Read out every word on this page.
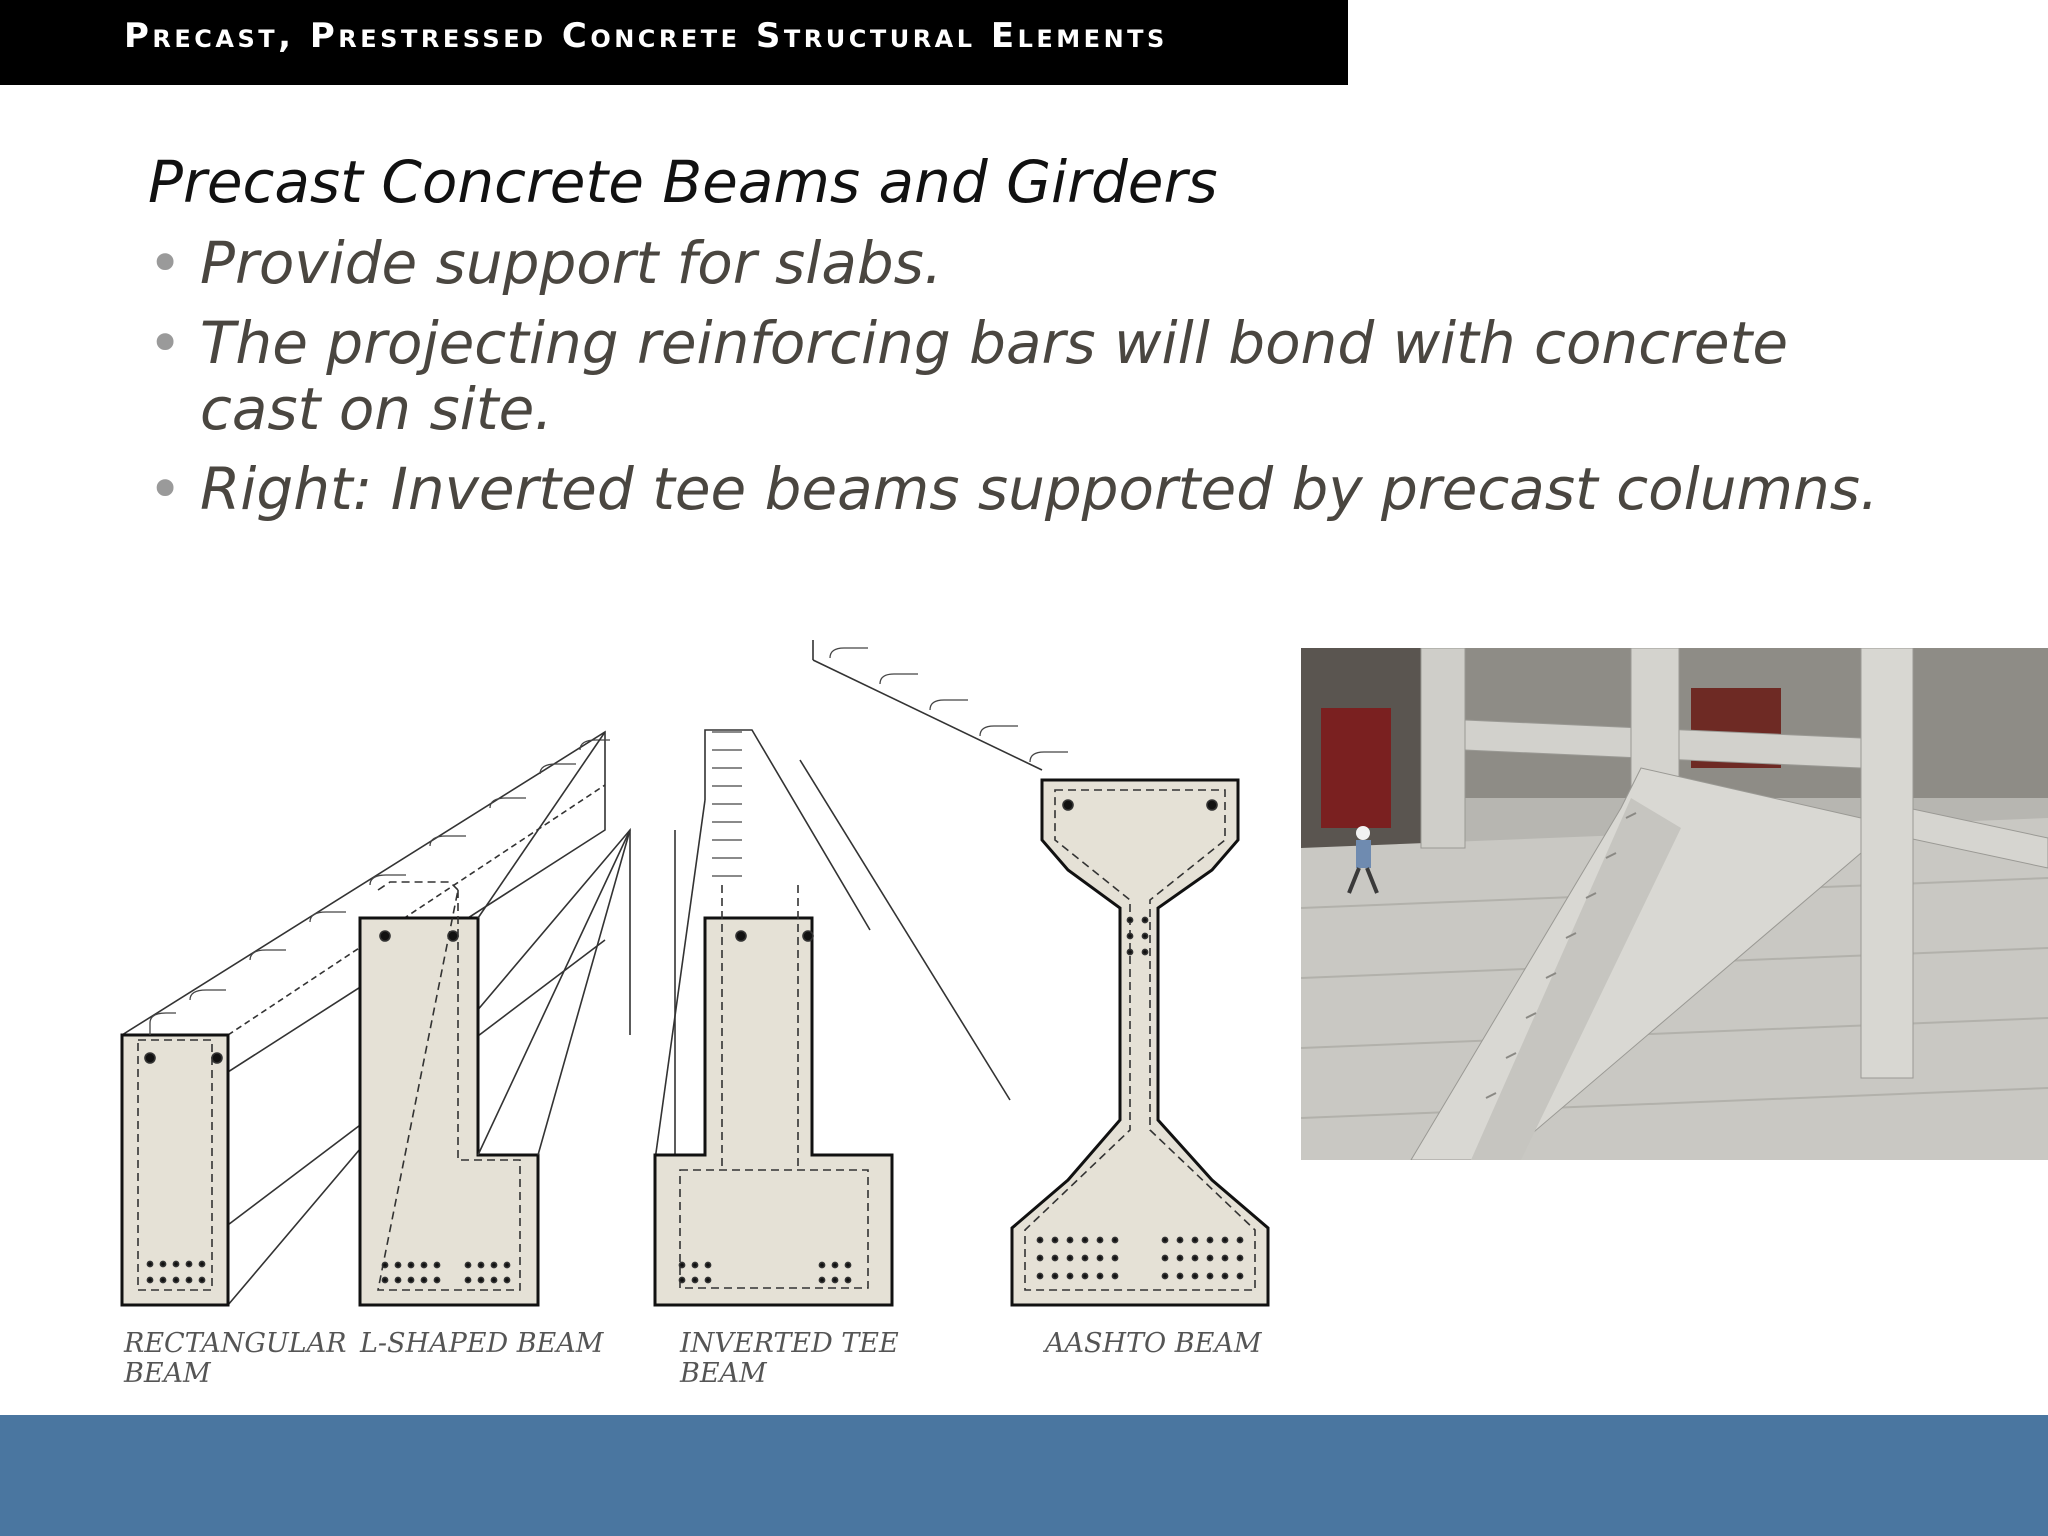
Precast, Prestressed Concrete Structural Elements
Precast Concrete Beams and Girders
• Provide support for slabs.
• The projecting reinforcing bars will bond with concrete cast on site.
• Right: Inverted tee beams supported by precast columns.
RECTANGULAR
BEAM
L-SHAPED BEAM	INVERTED TEE
BEAM
AASHTO BEAM
